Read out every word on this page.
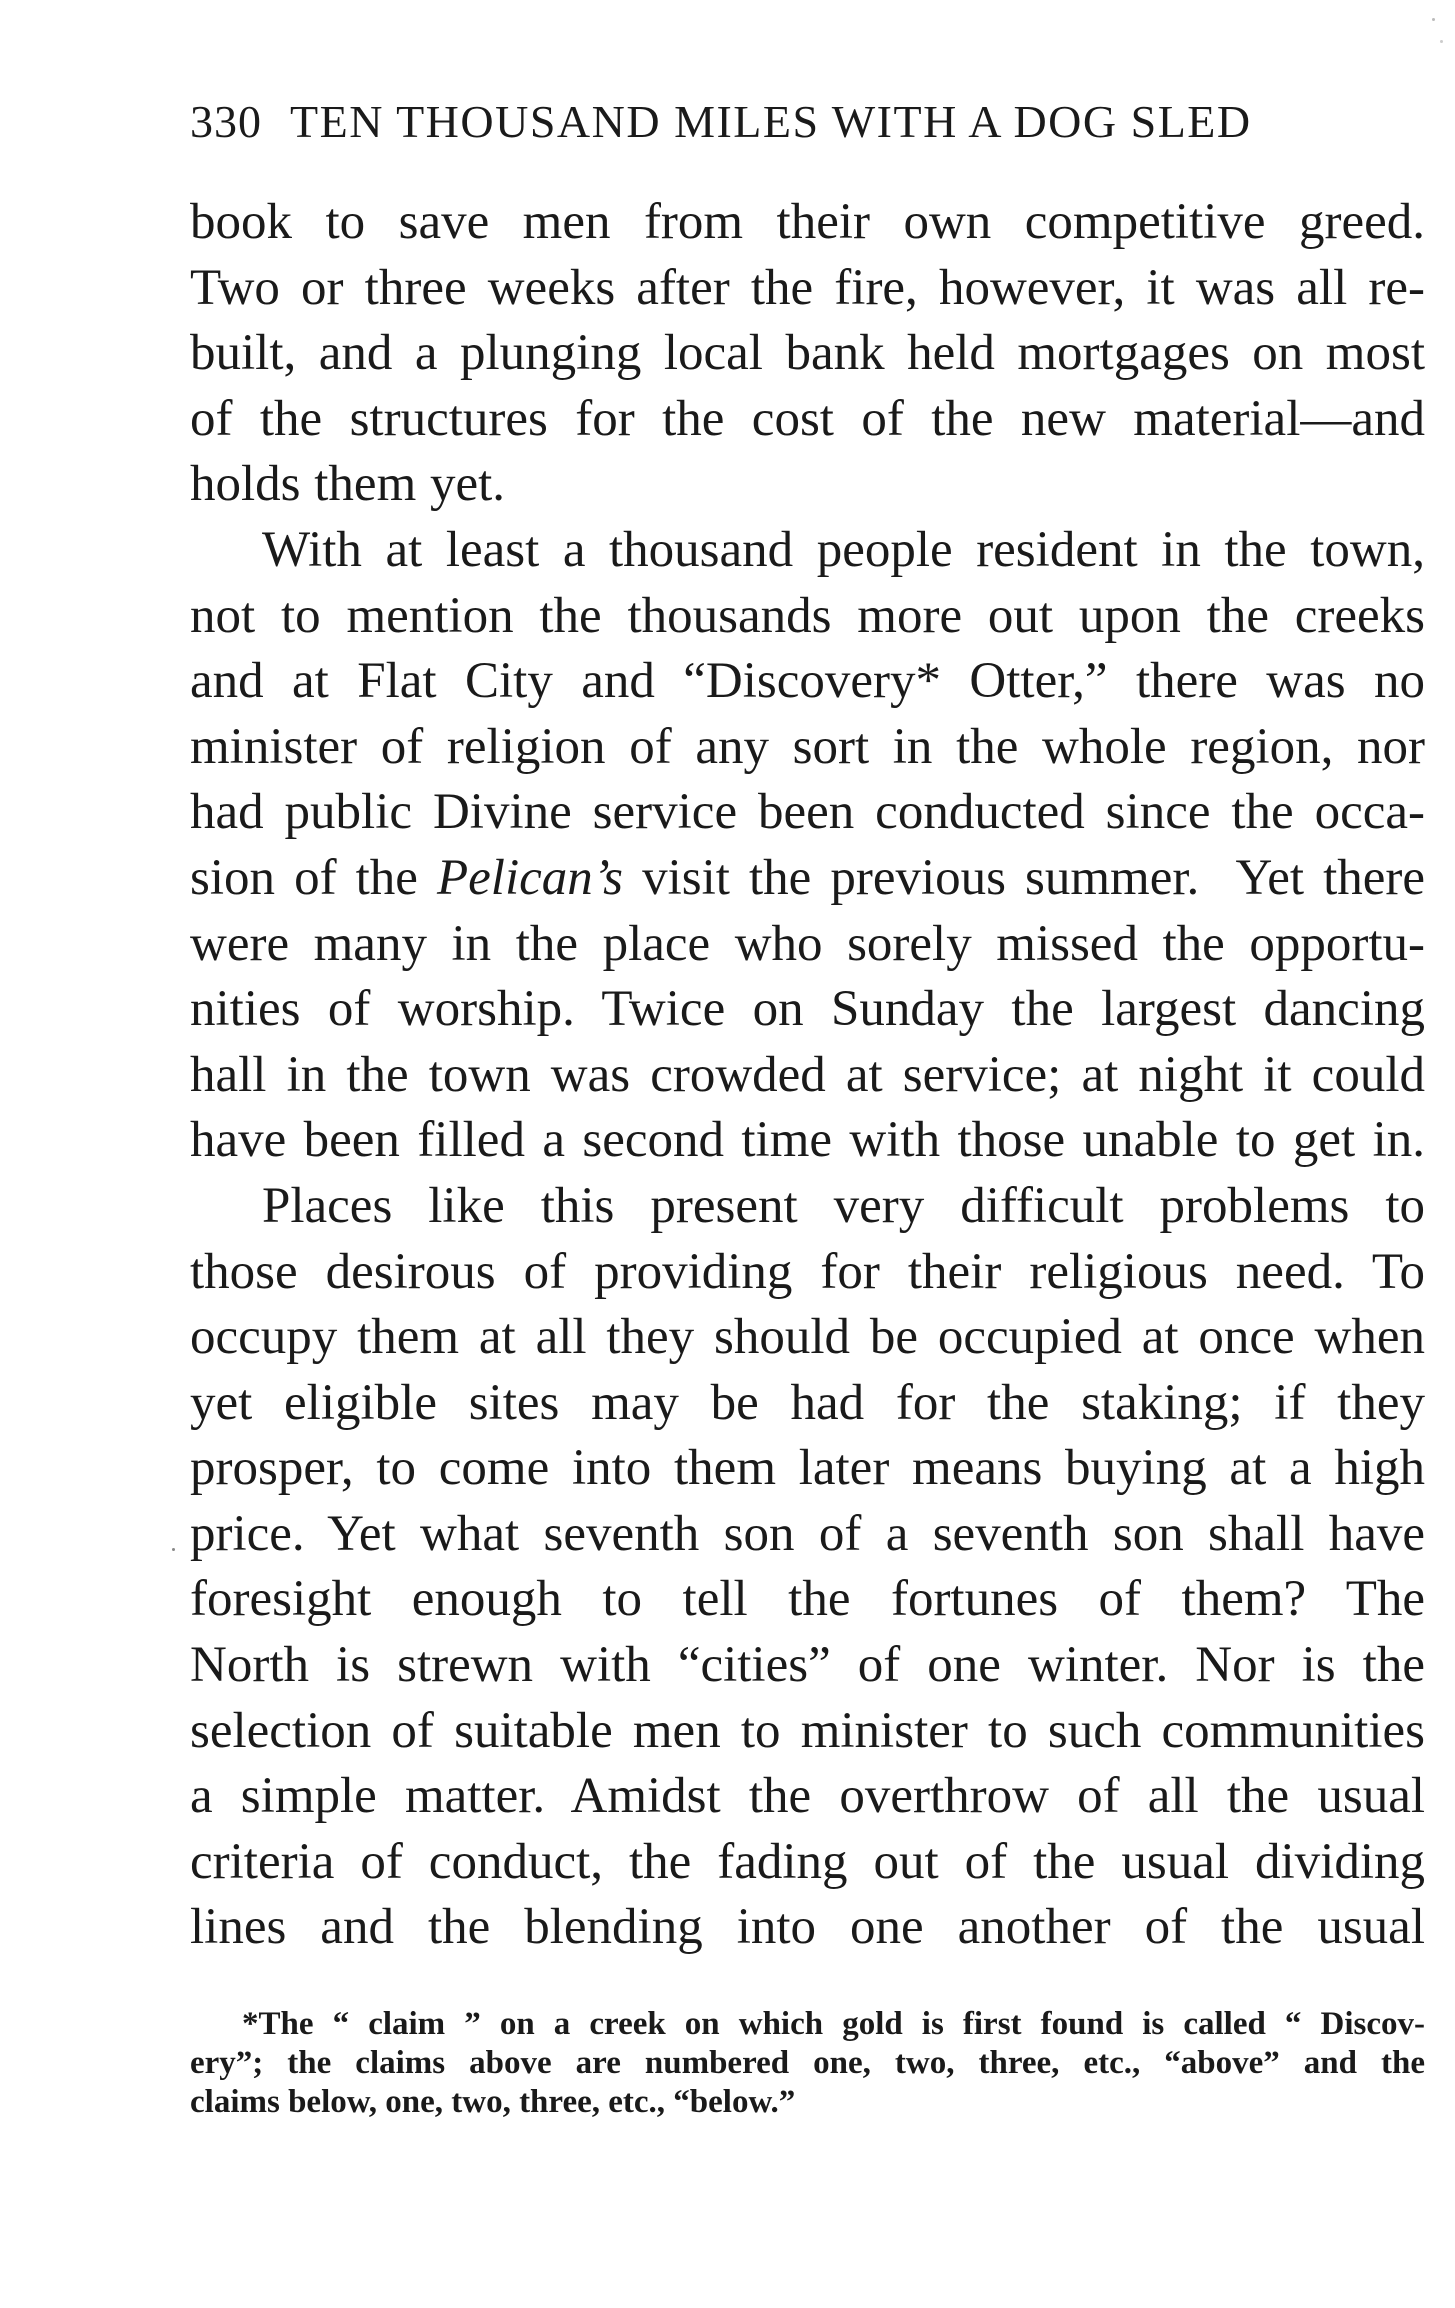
330 TEN THOUSAND MILES WITH A DOG SLED
book to save men from their own competitive greed.
Two or three weeks after the fire, however, it was all re-
built, and a plunging local bank held mortgages on most
of the structures for the cost of the new material—and
holds them yet.
With at least a thousand people resident in the town,
not to mention the thousands more out upon the creeks
and at Flat City and “Discovery* Otter,” there was no
minister of religion of any sort in the whole region, nor
had public Divine service been conducted since the occa-
sion of the Pelican’s visit the previous summer.  Yet there
were many in the place who sorely missed the opportu-
nities of worship. Twice on Sunday the largest dancing
hall in the town was crowded at service; at night it could
have been filled a second time with those unable to get in.
Places like this present very difficult problems to
those desirous of providing for their religious need. To
occupy them at all they should be occupied at once when
yet eligible sites may be had for the staking; if they
prosper, to come into them later means buying at a high
price. Yet what seventh son of a seventh son shall have
foresight enough to tell the fortunes of them? The
North is strewn with “cities” of one winter. Nor is the
selection of suitable men to minister to such communities
a simple matter. Amidst the overthrow of all the usual
criteria of conduct, the fading out of the usual dividing
lines and the blending into one another of the usual
*The “ claim ” on a creek on which gold is first found is called “ Discov-
ery”; the claims above are numbered one, two, three, etc., “above” and the
claims below, one, two, three, etc., “below.”
